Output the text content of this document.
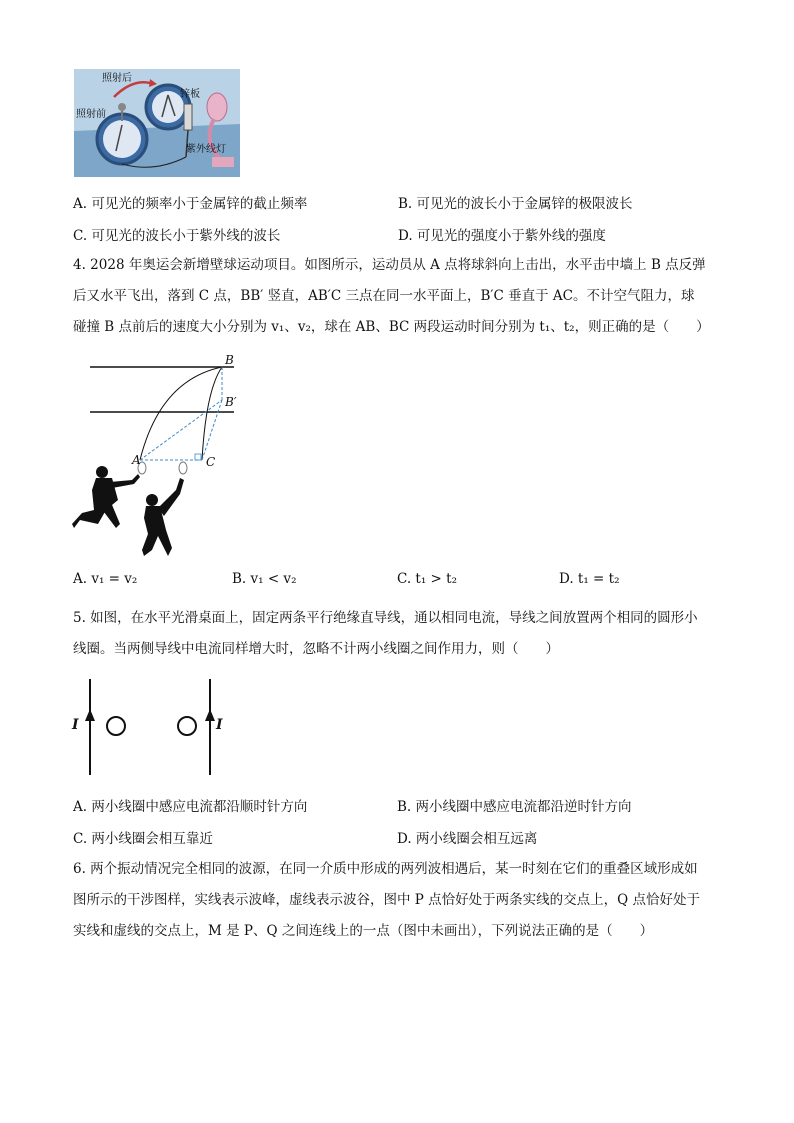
照射后
照射前
锌板
紫外线灯
A. 可见光的频率小于金属锌的截止频率	B. 可见光的波长小于金属锌的极限波长
C. 可见光的波长小于紫外线的波长	D. 可见光的强度小于紫外线的强度
4. 2028 年奥运会新增壁球运动项目。如图所示，运动员从 A 点将球斜向上击出，水平击中墙上 B 点反弹
后又水平飞出，落到 C 点，BB′ 竖直，AB′C 三点在同一水平面上，B′C 垂直于 AC。不计空气阻力，球
碰撞 B 点前后的速度大小分别为 v₁、v₂，球在 AB、BC 两段运动时间分别为 t₁、t₂，则正确的是（　　）
B
B′
A	C
A. v₁ = v₂	B. v₁ < v₂	C. t₁ > t₂	D. t₁ = t₂
5. 如图，在水平光滑桌面上，固定两条平行绝缘直导线，通以相同电流，导线之间放置两个相同的圆形小
线圈。当两侧导线中电流同样增大时，忽略不计两小线圈之间作用力，则（　　）
I	I
A. 两小线圈中感应电流都沿顺时针方向	B. 两小线圈中感应电流都沿逆时针方向
C. 两小线圈会相互靠近	D. 两小线圈会相互远离
6. 两个振动情况完全相同的波源，在同一介质中形成的两列波相遇后，某一时刻在它们的重叠区域形成如
图所示的干涉图样，实线表示波峰，虚线表示波谷，图中 P 点恰好处于两条实线的交点上，Q 点恰好处于
实线和虚线的交点上，M 是 P、Q 之间连线上的一点（图中未画出），下列说法正确的是（　　）
